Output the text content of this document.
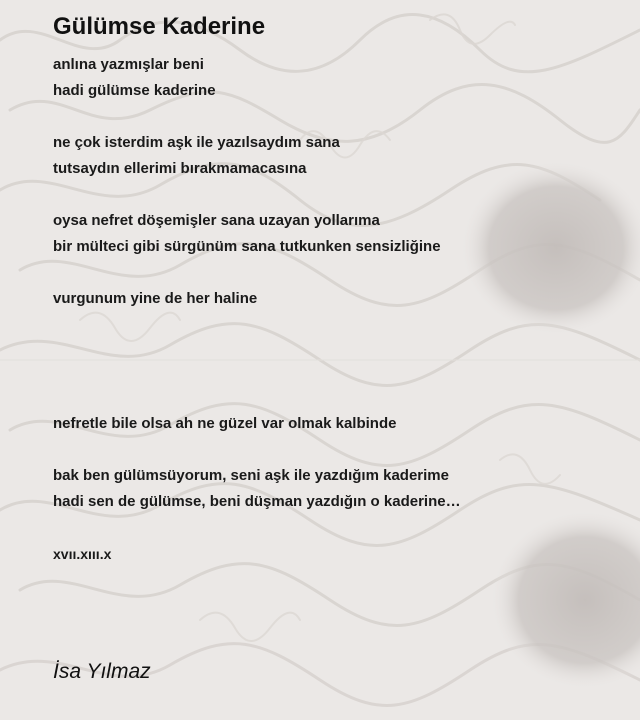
Gülümse Kaderine
anlına yazmışlar beni
hadi gülümse kaderine
ne çok isterdim aşk ile yazılsaydım sana
tutsaydın ellerimi bırakmamacasına
oysa nefret döşemişler sana uzayan yollarıma
bir mülteci gibi sürgünüm sana tutkunken sensizliğine
vurgunum yine de her haline
nefretle bile olsa ah ne güzel var olmak kalbinde
bak ben gülümsüyorum, seni aşk ile yazdığım kaderime
hadi sen de gülümse, beni düşman yazdığın o kaderine…
xvıı.xııı.x
İsa Yılmaz
